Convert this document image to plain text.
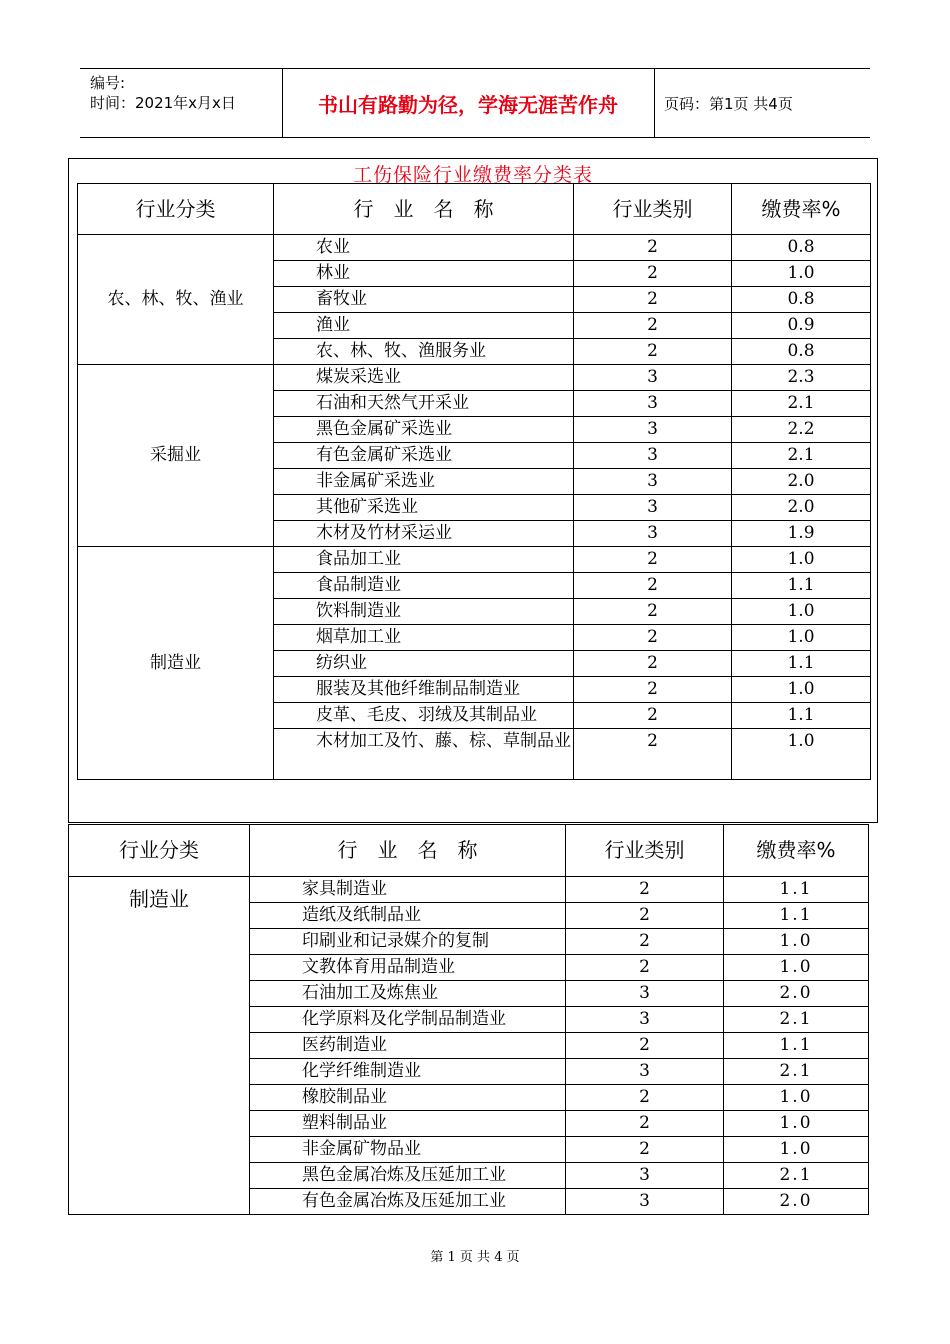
编号:
时间：2021年x月x日	书山有路勤为径，学海无涯苦作舟	页码：第1页 共4页
工伤保险行业缴费率分类表
行业分类	行　业　名　称	行业类别	缴费率%
农、林、牧、渔业	农业	2	0.8
	林业	2	1.0
	畜牧业	2	0.8
	渔业	2	0.9
	农、林、牧、渔服务业	2	0.8
采掘业	煤炭采选业	3	2.3
	石油和天然气开采业	3	2.1
	黑色金属矿采选业	3	2.2
	有色金属矿采选业	3	2.1
	非金属矿采选业	3	2.0
	其他矿采选业	3	2.0
	木材及竹材采运业	3	1.9
制造业	食品加工业	2	1.0
	食品制造业	2	1.1
	饮料制造业	2	1.0
	烟草加工业	2	1.0
	纺织业	2	1.1
	服装及其他纤维制品制造业	2	1.0
	皮革、毛皮、羽绒及其制品业	2	1.1
	木材加工及竹、藤、棕、草制品业	2	1.0
行业分类	行　业　名　称	行业类别	缴费率%
制造业	家具制造业	2	1.1
	造纸及纸制品业	2	1.1
	印刷业和记录媒介的复制	2	1.0
	文教体育用品制造业	2	1.0
	石油加工及炼焦业	3	2.0
	化学原料及化学制品制造业	3	2.1
	医药制造业	2	1.1
	化学纤维制造业	3	2.1
	橡胶制品业	2	1.0
	塑料制品业	2	1.0
	非金属矿物品业	2	1.0
	黑色金属冶炼及压延加工业	3	2.1
	有色金属冶炼及压延加工业	3	2.0
第 1 页 共 4 页
